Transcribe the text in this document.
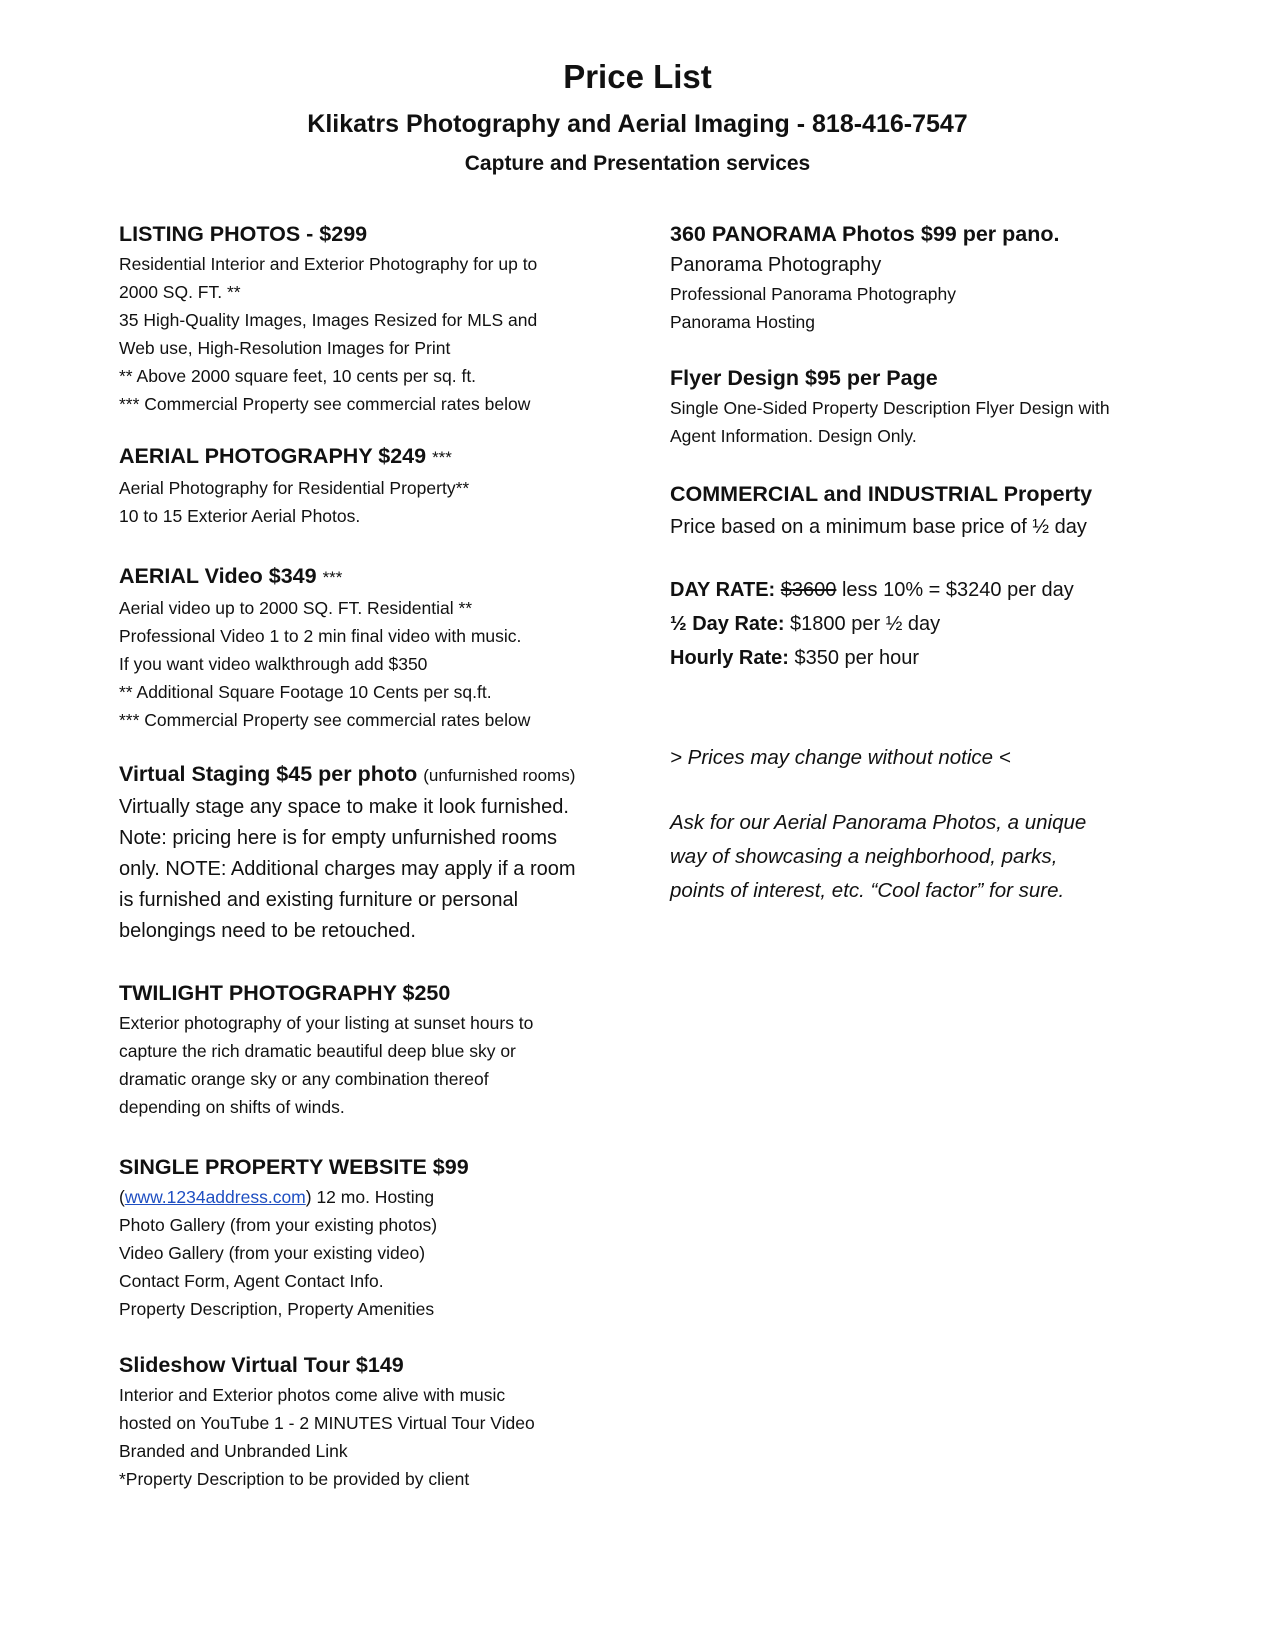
Price List
Klikatrs Photography and Aerial Imaging - 818-416-7547
Capture and Presentation services
LISTING PHOTOS - $299
Residential Interior and Exterior Photography for up to
2000 SQ. FT. **
35 High-Quality Images, Images Resized for MLS and
Web use, High-Resolution Images for Print
** Above 2000 square feet, 10 cents per sq. ft.
*** Commercial Property see commercial rates below
AERIAL PHOTOGRAPHY $249 ***
Aerial Photography for Residential Property**
10 to 15 Exterior Aerial Photos.
AERIAL Video $349 ***
Aerial video up to 2000 SQ. FT. Residential **
Professional Video 1 to 2 min final video with music.
If you want video walkthrough add $350
** Additional Square Footage 10 Cents per sq.ft.
*** Commercial Property see commercial rates below
Virtual Staging $45 per photo (unfurnished rooms)
Virtually stage any space to make it look furnished.
Note: pricing here is for empty unfurnished rooms
only. NOTE: Additional charges may apply if a room
is furnished and existing furniture or personal
belongings need to be retouched.
TWILIGHT PHOTOGRAPHY $250
Exterior photography of your listing at sunset hours to
capture the rich dramatic beautiful deep blue sky or
dramatic orange sky or any combination thereof
depending on shifts of winds.
SINGLE PROPERTY WEBSITE $99
(www.1234address.com) 12 mo. Hosting
Photo Gallery (from your existing photos)
Video Gallery (from your existing video)
Contact Form, Agent Contact Info.
Property Description, Property Amenities
Slideshow Virtual Tour $149
Interior and Exterior photos come alive with music
hosted on YouTube 1 - 2 MINUTES Virtual Tour Video
Branded and Unbranded Link
*Property Description to be provided by client
360 PANORAMA Photos $99 per pano.
Panorama Photography
Professional Panorama Photography
Panorama Hosting
Flyer Design $95 per Page
Single One-Sided Property Description Flyer Design with
Agent Information. Design Only.
COMMERCIAL and INDUSTRIAL Property
Price based on a minimum base price of ½ day
DAY RATE: $3600 less 10% = $3240 per day
½ Day Rate: $1800 per ½ day
Hourly Rate: $350 per hour
> Prices may change without notice <
Ask for our Aerial Panorama Photos, a unique
way of showcasing a neighborhood, parks,
points of interest, etc. “Cool factor” for sure.
